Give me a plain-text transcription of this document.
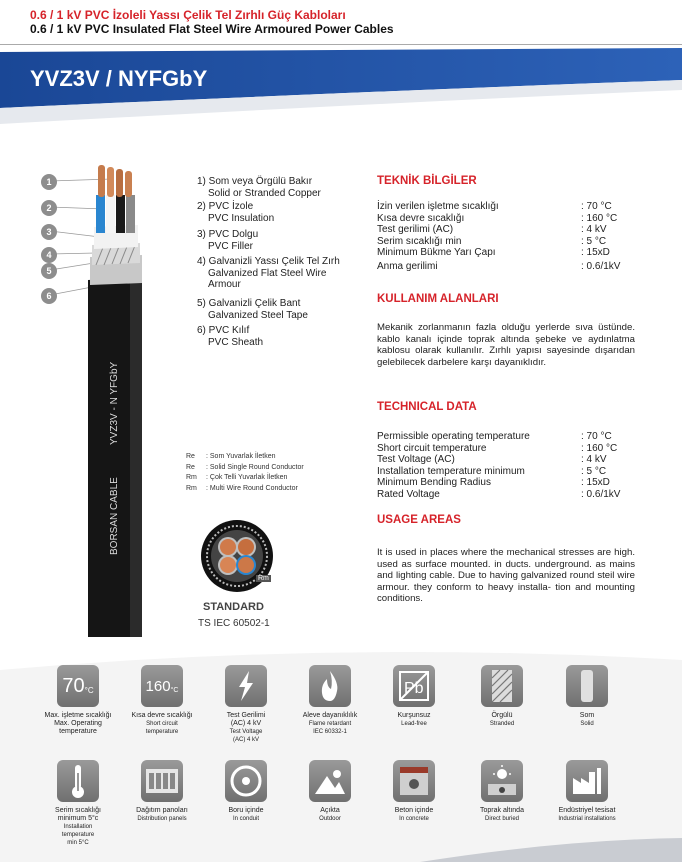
0.6 / 1 kV PVC İzoleli Yassı Çelik Tel Zırhlı Güç Kabloları
0.6 / 1 kV PVC Insulated Flat Steel Wire Armoured Power Cables
YVZ3V / NYFGbY
BORSAN CABLE
YVZ3V - N YFGbY
1
2
3
4
5
6
1) Som veya Örgülü Bakır
Solid or Stranded Copper
2) PVC İzole
PVC Insulation
3) PVC Dolgu
PVC Filler
4) Galvanizli Yassı Çelik Tel Zırh
Galvanized Flat Steel Wire
Armour
5) Galvanizli Çelik Bant
Galvanized Steel Tape
6) PVC Kılıf
PVC Sheath
TEKNİK BİLGİLER
İzin verilen işletme sıcaklığı	: 70 °C
Kısa devre sıcaklığı	: 160 °C
Test gerilimi (AC)	: 4 kV
Serim sıcaklığı min	: 5 °C
Minimum Bükme Yarı Çapı	: 15xD
Anma gerilimi	: 0.6/1kV
KULLANIM ALANLARI
Mekanik zorlanmanın fazla olduğu yerlerde sıva üstünde. kablo kanalı içinde toprak altında şebeke ve aydınlatma kablosu olarak kullanılır. Zırhlı yapısı sayesinde dışarıdan gelebilecek darbelere karşı dayanıklıdır.
TECHNICAL DATA
Permissible operating temperature	: 70 °C
Short circuit temperature	: 160 °C
Test Voltage (AC)	: 4 kV
Installation temperature minimum	: 5 °C
Minimum Bending Radius	: 15xD
Rated Voltage	: 0.6/1kV
USAGE AREAS
It is used in places where the mechanical stresses are high. used as surface mounted. in ducts. underground. as mains and lighting cable. Due to having galvanized round steil wire armour. they conform to heavy installa- tion and mounting conditions.
Re	: Som Yuvarlak İletken
Re	: Solid Single Round Conductor
Rm	: Çok Telli Yuvarlak İletken
Rm	: Multi Wire Round Conductor
Rm
STANDARD
TS IEC 60502-1
70 °C	160 °C	Pb
Max. işletme sıcaklığı
Max. Operating
temperature
Kısa devre sıcaklığı
Short circuit
temperature
Test Gerilimi
(AC) 4 kV
Test Voltage
(AC) 4 kV
Aleve dayanıklılık
Flame retardant
IEC 60332-1
Kurşunsuz
Lead-free
Örgülü
Stranded
Som
Solid
Serim sıcaklığı
minimum 5°c
Installation
temperature
min 5°C
Dağıtım panoları
Distribution panels
Boru içinde
In conduit
Açıkta
Outdoor
Beton içinde
In concrete
Toprak altında
Direct buried
Endüstriyel tesisat
Industrial installations
